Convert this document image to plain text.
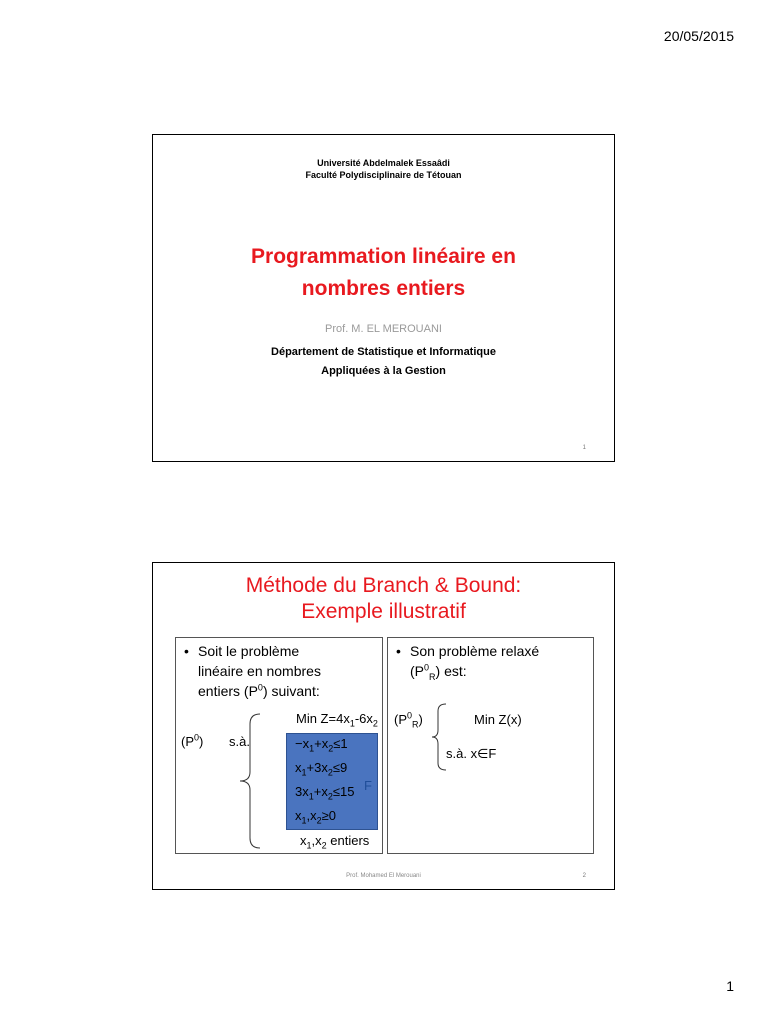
20/05/2015
Université Abdelmalek Essaâdi
Faculté Polydisciplinaire de Tétouan
Programmation linéaire en
nombres entiers
Prof. M. EL MEROUANI
Département de Statistique et Informatique
Appliquées à la Gestion
1
Méthode du Branch & Bound:
Exemple illustratif
• Soit le problème
linéaire en nombres
entiers $(P^0)$ suivant:
Min $Z=4x_1-6x_2$
$(P^0)$ s.à.	$-x_1+x_2\le 1$
$x_1+3x_2\le 9$
$3x_1+x_2\le 15$
$x_1,x_2\ge 0$
F
$x_1,x_2$ entiers
• Son problème relaxé
$(P^0_R)$ est:
$(P^0_R)$	Min Z(x)
s.à. x∈F
Prof. Mohamed El Merouani	2
1
